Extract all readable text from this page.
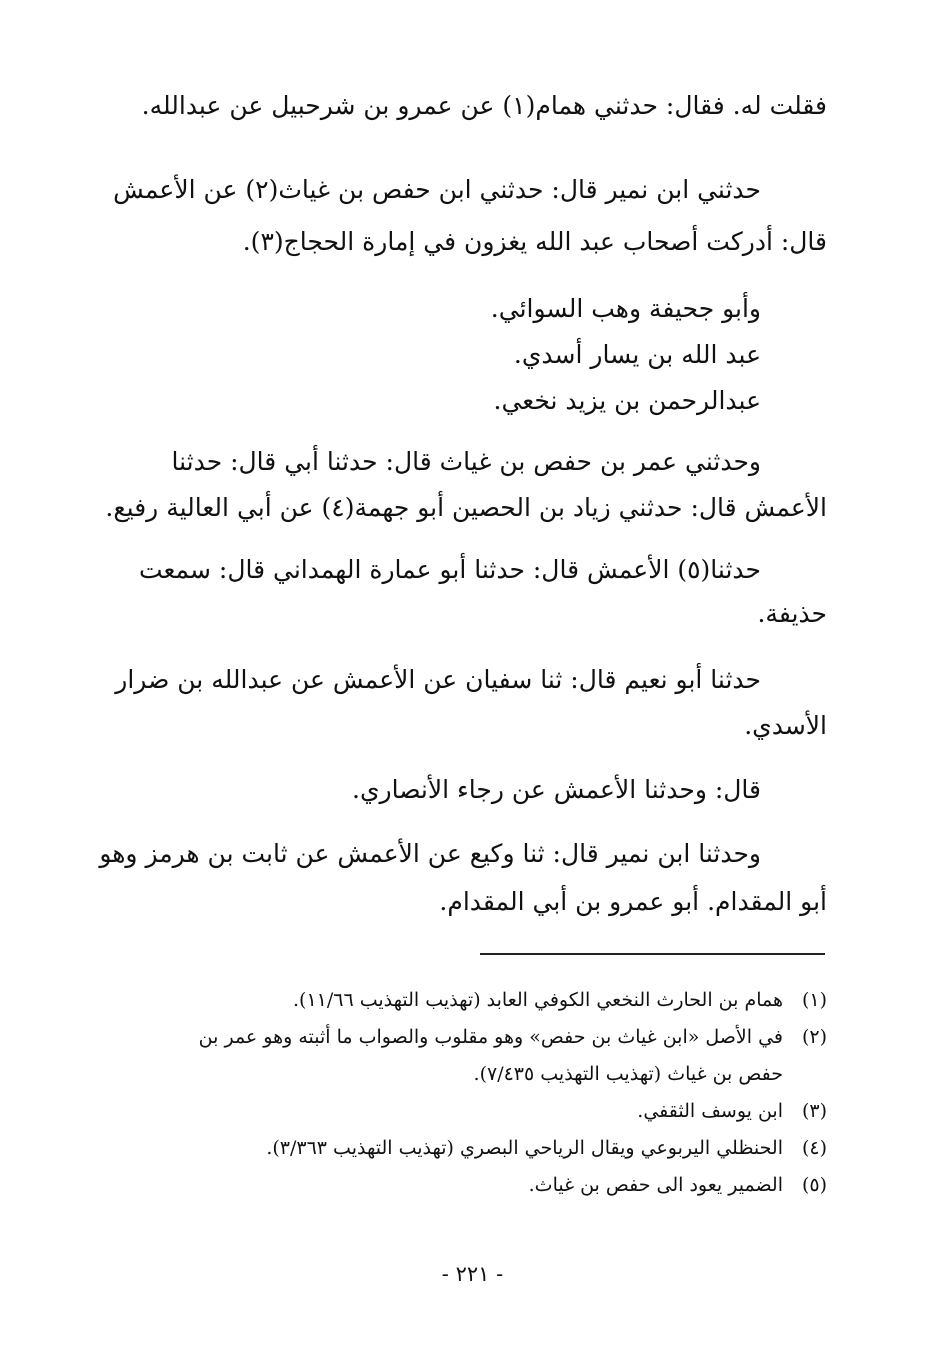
فقلت له. فقال: حدثني همام(١) عن عمرو بن شرحبيل عن عبدالله.
حدثني ابن نمير قال: حدثني ابن حفص بن غياث(٢) عن الأعمش
قال: أدركت أصحاب عبد الله يغزون في إمارة الحجاج(٣).
وأبو جحيفة وهب السوائي.
عبد الله بن يسار أسدي.
عبدالرحمن بن يزيد نخعي.
وحدثني عمر بن حفص بن غياث قال: حدثنا أبي قال: حدثنا
الأعمش قال: حدثني زياد بن الحصين أبو جهمة(٤) عن أبي العالية رفيع.
حدثنا(٥) الأعمش قال: حدثنا أبو عمارة الهمداني قال: سمعت
حذيفة.
حدثنا أبو نعيم قال: ثنا سفيان عن الأعمش عن عبدالله بن ضرار
الأسدي.
قال: وحدثنا الأعمش عن رجاء الأنصاري.
وحدثنا ابن نمير قال: ثنا وكيع عن الأعمش عن ثابت بن هرمز وهو
أبو المقدام. أبو عمرو بن أبي المقدام.
(١)
همام بن الحارث النخعي الكوفي العابد (تهذيب التهذيب ١١/٦٦).
(٢)
في الأصل «ابن غياث بن حفص» وهو مقلوب والصواب ما أثبته وهو عمر بن
حفص بن غياث (تهذيب التهذيب ٧/٤٣٥).
(٣)
ابن يوسف الثقفي.
(٤)
الحنظلي اليربوعي ويقال الرياحي البصري (تهذيب التهذيب ٣/٣٦٣).
(٥)
الضمير يعود الى حفص بن غياث.
- ٢٢١ -
